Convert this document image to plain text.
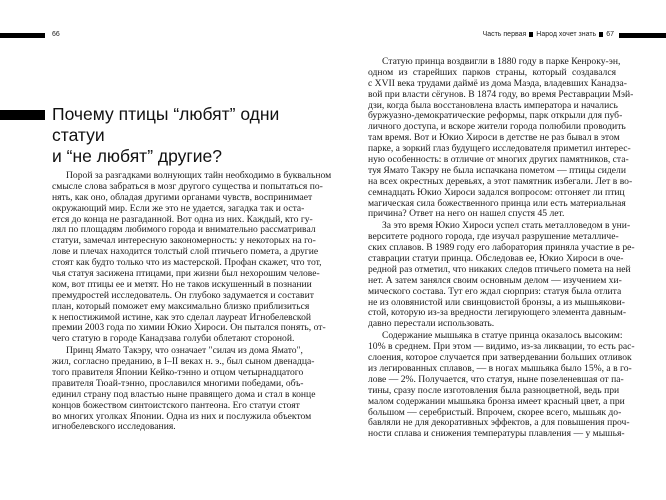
66
Почему птицы “любят” одни статуи
и “не любят” другие?
Порой за разгадками волнующих тайн необходимо в буквальном
смысле слова забраться в мозг другого существа и попытаться по-
нять, как оно, обладая другими органами чувств, воспринимает
окружающий мир. Если же это не удается, загадка так и оста-
ется до конца не разгаданной. Вот одна из них. Каждый, кто гу-
лял по площадям любимого города и внимательно рассматривал
статуи, замечал интересную закономерность: у некоторых на го-
лове и плечах находится толстый слой птичьего помета, а другие
стоят как будто только что из мастерской. Профан скажет, что тот,
чья статуя засижена птицами, при жизни был нехорошим челове-
ком, вот птицы ее и метят. Но не таков искушенный в познании
премудростей исследователь. Он глубоко задумается и составит
план, который поможет ему максимально близко приблизиться
к непостижимой истине, как это сделал лауреат Игнобелевской
премии 2003 года по химии Юкио Хироси. Он пытался понять, от-
чего статую в городе Канадзава голуби облетают стороной.
Принц Ямато Такэру, что означает "силач из дома Ямато",
жил, согласно преданию, в I–II веках н. э., был сыном двенадца-
того правителя Японии Кейко-тэнно и отцом четырнадцатого
правителя Тюай-тэнно, прославился многими победами, объ-
единил страну под властью ныне правящего дома и стал в конце
концов божеством синтоистского пантеона. Его статуи стоят
во многих уголках Японии. Одна из них и послужила объектом
игнобелевского исследования.
Часть первая Народ хочет знать 67
Статую принца воздвигли в 1880 году в парке Кенроку-эн,
одном из старейших парков страны, который создавался
с XVII века трудами даймё из дома Маэда, владевших Канадза-
вой при власти сёгунов. В 1874 году, во время Реставрации Мэй-
дзи, когда была восстановлена власть императора и начались
буржуазно-демократические реформы, парк открыли для пуб-
личного доступа, и вскоре жители города полюбили проводить
там время. Вот и Юкио Хироси в детстве не раз бывал в этом
парке, а зоркий глаз будущего исследователя приметил интерес-
ную особенность: в отличие от многих других памятников, ста-
туя Ямато Такэру не была испачкана пометом — птицы сидели
на всех окрестных деревьях, а этот памятник избегали. Лет в во-
семнадцать Юкио Хироси задался вопросом: отгоняет ли птиц
магическая сила божественного принца или есть материальная
причина? Ответ на него он нашел спустя 45 лет.
За это время Юкио Хироси успел стать металловедом в уни-
верситете родного города, где изучал разрушение металличе-
ских сплавов. В 1989 году его лаборатория приняла участие в ре-
ставрации статуи принца. Обследовав ее, Юкио Хироси в оче-
редной раз отметил, что никаких следов птичьего помета на ней
нет. А затем занялся своим основным делом — изучением хи-
мического состава. Тут его ждал сюрприз: статуя была отлита
не из оловянистой или свинцовистой бронзы, а из мышьякови-
стой, которую из-за вредности легирующего элемента давным-
давно перестали использовать.
Содержание мышьяка в статуе принца оказалось высоким:
10% в среднем. При этом — видимо, из-за ликвации, то есть рас-
слоения, которое случается при затвердевании больших отливок
из легированных сплавов, — в ногах мышьяка было 15%, а в го-
лове — 2%. Получается, что статуя, ныне позеленевшая от па-
тины, сразу после изготовления была разноцветной, ведь при
малом содержании мышьяка бронза имеет красный цвет, а при
большом — серебристый. Впрочем, скорее всего, мышьяк до-
бавляли не для декоративных эффектов, а для повышения проч-
ности сплава и снижения температуры плавления — у мышья-
